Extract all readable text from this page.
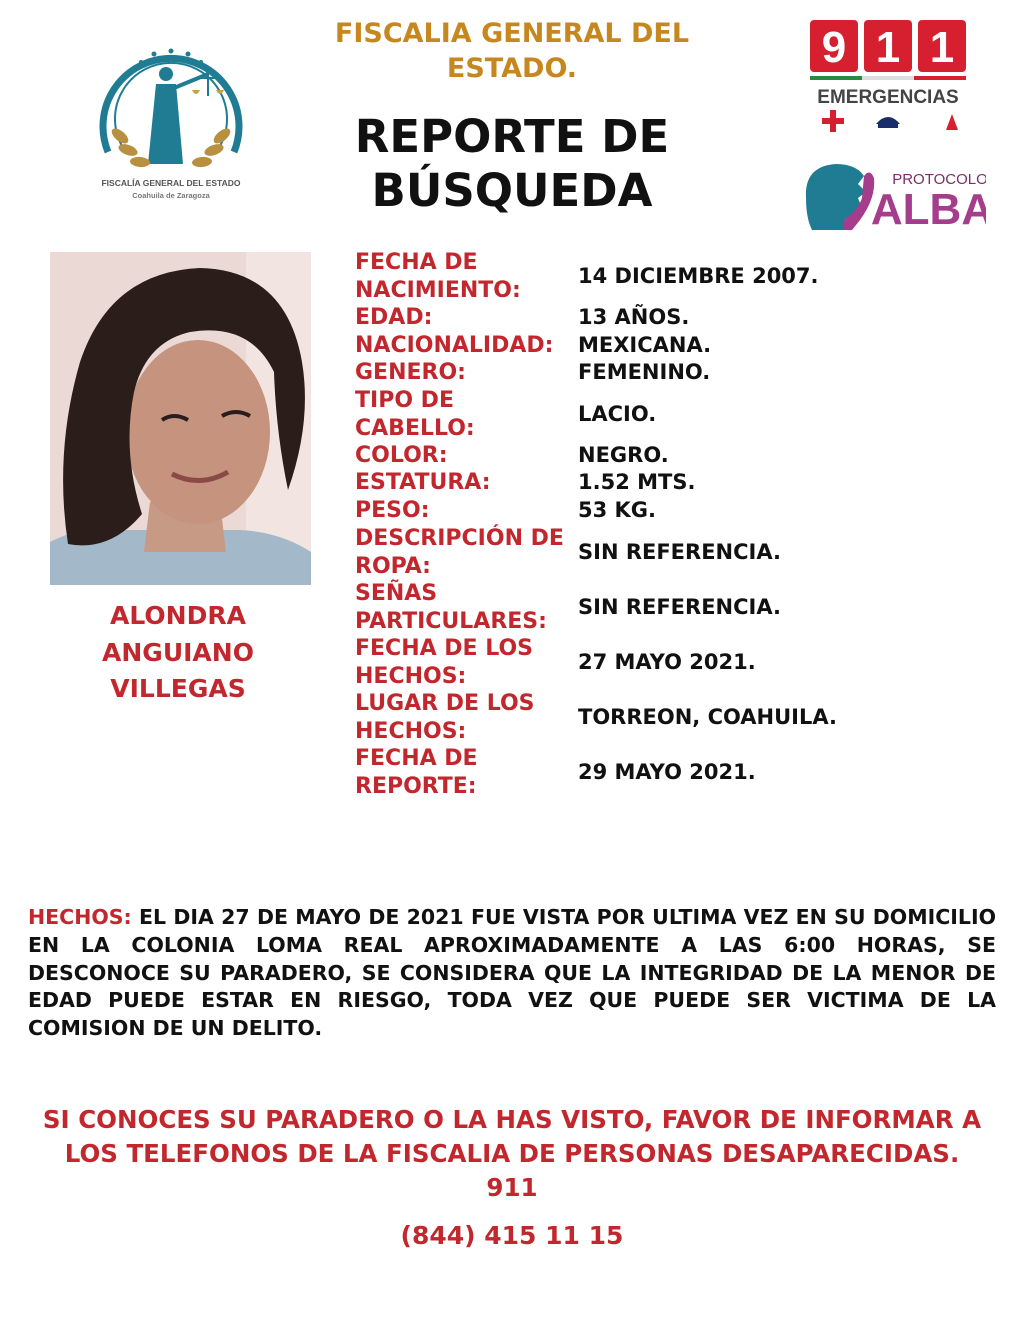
FISCALIA GENERAL DEL ESTADO.
REPORTE DE BÚSQUEDA
FISCALÍA GENERAL DEL ESTADO
Coahuila de Zaragoza
9 1 1
EMERGENCIAS
PROTOCOLO
ALBA
ALONDRA ANGUIANO VILLEGAS
FECHA DE NACIMIENTO:
14 DICIEMBRE 2007.
EDAD:	13 AÑOS.
NACIONALIDAD:	MEXICANA.
GENERO:	FEMENINO.
TIPO DE CABELLO:
LACIO.
COLOR:	NEGRO.
ESTATURA:	1.52 MTS.
PESO:	53 KG.
DESCRIPCIÓN DE ROPA:
SIN REFERENCIA.
SEÑAS PARTICULARES:
SIN REFERENCIA.
FECHA DE LOS HECHOS:
27 MAYO 2021.
LUGAR DE LOS HECHOS:
TORREON, COAHUILA.
FECHA DE REPORTE:
29 MAYO 2021.
HECHOS: EL DIA 27 DE MAYO DE 2021 FUE VISTA POR ULTIMA VEZ EN SU DOMICILIO EN LA COLONIA LOMA REAL APROXIMADAMENTE A LAS 6:00 HORAS, SE DESCONOCE SU PARADERO, SE CONSIDERA QUE LA INTEGRIDAD DE LA MENOR DE EDAD PUEDE ESTAR EN RIESGO, TODA VEZ QUE PUEDE SER VICTIMA DE LA COMISION DE UN DELITO.
SI CONOCES SU PARADERO O LA HAS VISTO, FAVOR DE INFORMAR A LOS TELEFONOS DE LA FISCALIA DE PERSONAS DESAPARECIDAS.
911
(844) 415 11 15
